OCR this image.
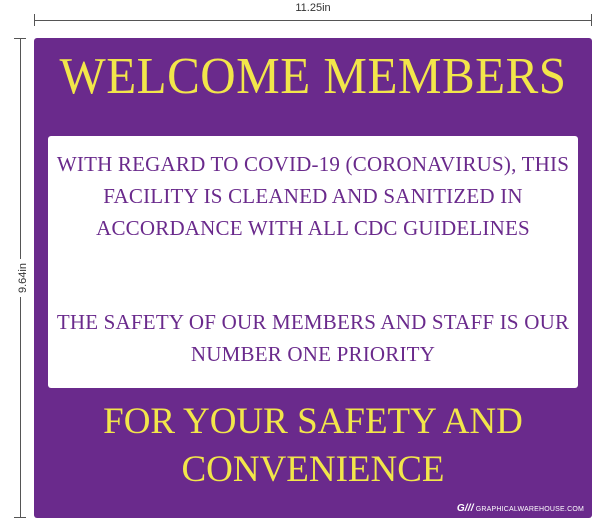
11.25in
9.64in
WELCOME MEMBERS
WITH REGARD TO COVID-19 (CORONAVIRUS), THIS
FACILITY IS CLEANED AND SANITIZED IN
ACCORDANCE WITH ALL CDC GUIDELINES
THE SAFETY OF OUR MEMBERS AND STAFF IS OUR
NUMBER ONE PRIORITY
FOR YOUR SAFETY AND
CONVENIENCE
G/// GRAPHICALWAREHOUSE.COM
